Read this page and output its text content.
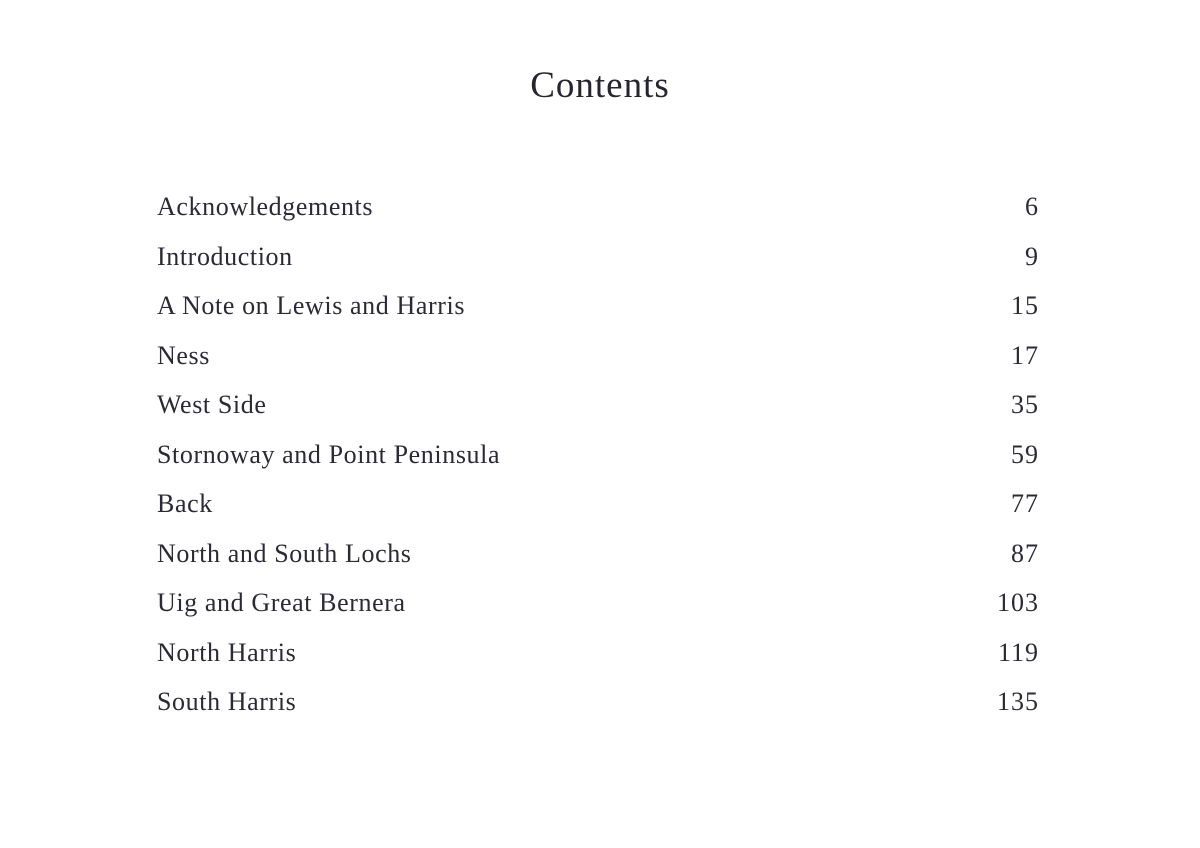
Contents
Acknowledgements	6
Introduction	9
A Note on Lewis and Harris	15
Ness	17
West Side	35
Stornoway and Point Peninsula	59
Back	77
North and South Lochs	87
Uig and Great Bernera	103
North Harris	119
South Harris	135
